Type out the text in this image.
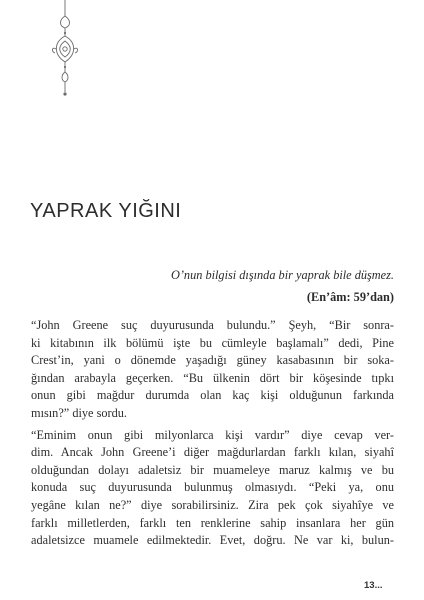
YAPRAK YIĞINI

O’nun bilgisi dışında bir yaprak bile düşmez.

(En’âm: 59’dan)

“John Greene suç duyurusunda bulundu.” Şeyh, “Bir sonra-
ki kitabının ilk bölümü işte bu cümleyle başlamalı” dedi, Pine
Crest’in, yani o dönemde yaşadığı güney kasabasının bir soka-
ğından arabayla geçerken. “Bu ülkenin dört bir köşesinde tıpkı
onun gibi mağdur durumda olan kaç kişi olduğunun farkında
mısın?” diye sordu.
“Eminim onun gibi milyonlarca kişi vardır” diye cevap ver-
dim. Ancak John Greene’i diğer mağdurlardan farklı kılan, siyahî
olduğundan dolayı adaletsiz bir muameleye maruz kalmış ve bu
konuda suç duyurusunda bulunmuş olmasıydı. “Peki ya, onu
yegâne kılan ne?” diye sorabilirsiniz. Zira pek çok siyahîye ve
farklı milletlerden, farklı ten renklerine sahip insanlara her gün
adaletsizce muamele edilmektedir. Evet, doğru. Ne var ki, bulun-
13...
